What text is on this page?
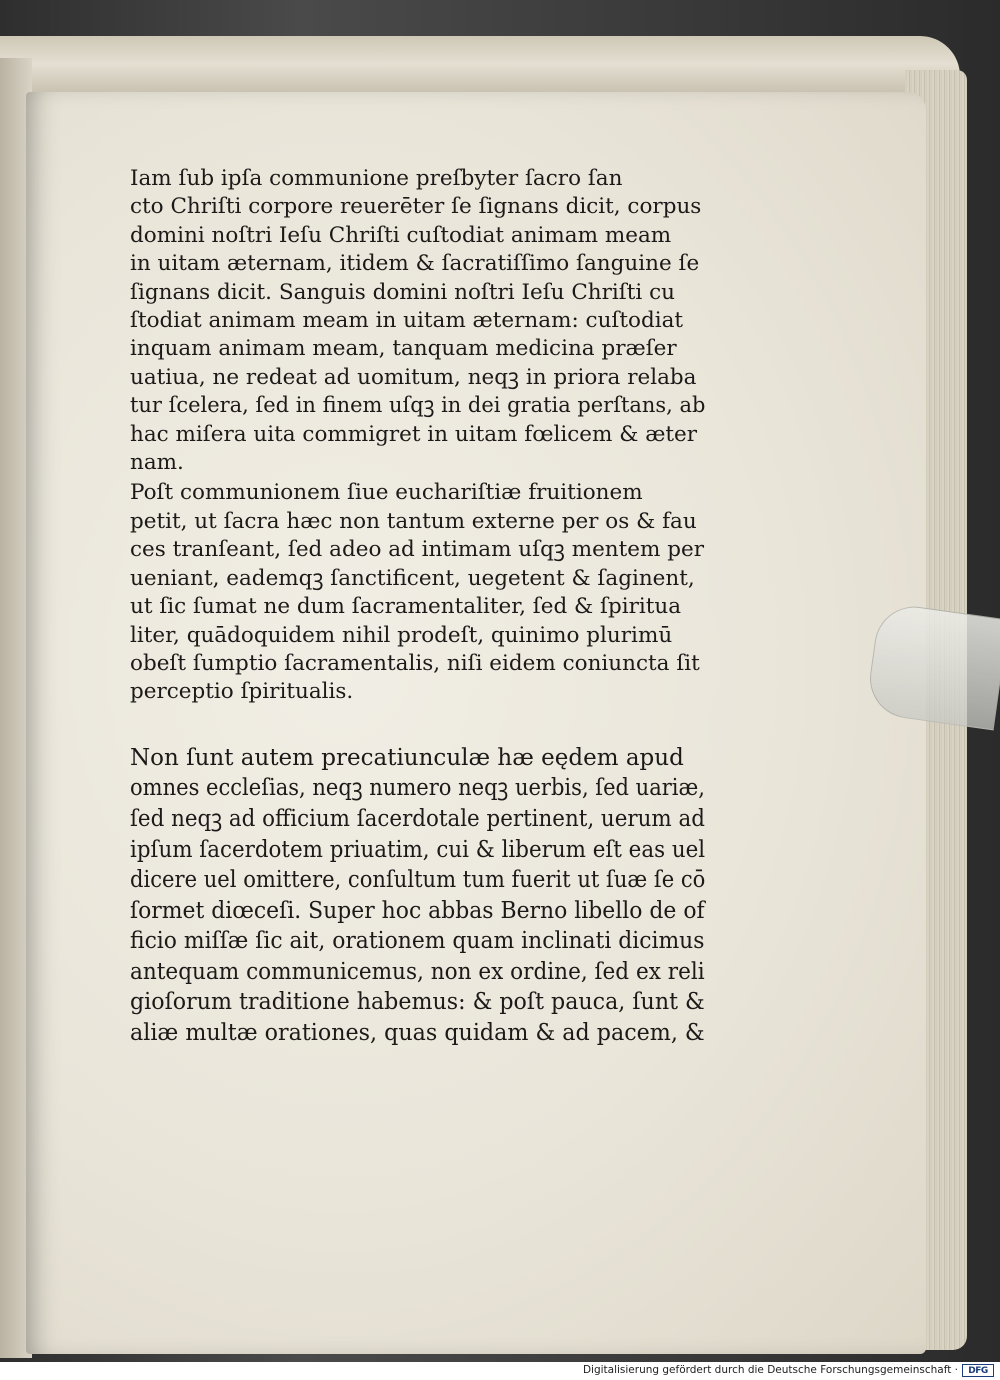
Iam ſub ipſa communione preſbyter ſacro ſan
cto Chriſti corpore reuerēter ſe ſignans dicit, corpus
domini noſtri Ieſu Chriſti cuſtodiat animam meam
in uitam æternam, itidem & ſacratiſſimo ſanguine ſe
ſignans dicit. Sanguis domini noſtri Ieſu Chriſti cu
ſtodiat animam meam in uitam æternam: cuſtodiat
inquam animam meam, tanquam medicina præſer
uatiua, ne redeat ad uomitum, neqꝫ in priora relaba
tur ſcelera, ſed in finem uſqꝫ in dei gratia perſtans, ab
hac miſera uita commigret in uitam fœlicem & æter
nam.

Poſt communionem ſiue euchariſtiæ fruitionem
petit, ut ſacra hæc non tantum externe per os & fau
ces tranſeant, ſed adeo ad intimam uſqꝫ mentem per
ueniant, eademqꝫ ſanctificent, uegetent & ſaginent,
ut ſic ſumat ne dum ſacramentaliter, ſed & ſpiritua
liter, quādoquidem nihil prodeſt, quinimo plurimū
obeſt ſumptio ſacramentalis, niſi eidem coniuncta ſit
perceptio ſpiritualis.

Non ſunt autem precatiunculæ hæ eędem apud
omnes eccleſias, neqꝫ numero neqꝫ uerbis, ſed uariæ,
ſed neqꝫ ad officium ſacerdotale pertinent, uerum ad
ipſum ſacerdotem priuatim, cui & liberum eſt eas uel
dicere uel omittere, conſultum tum fuerit ut ſuæ ſe cō
ſormet diœceſi. Super hoc abbas Berno libello de of
ficio miſſæ ſic ait, orationem quam inclinati dicimus
antequam communicemus, non ex ordine, ſed ex reli
gioſorum traditione habemus: & poſt pauca, ſunt &
aliæ multæ orationes, quas quidam & ad pacem, &

Digitalisierung gefördert durch die Deutsche Forschungsgemeinschaft ·	DFG
